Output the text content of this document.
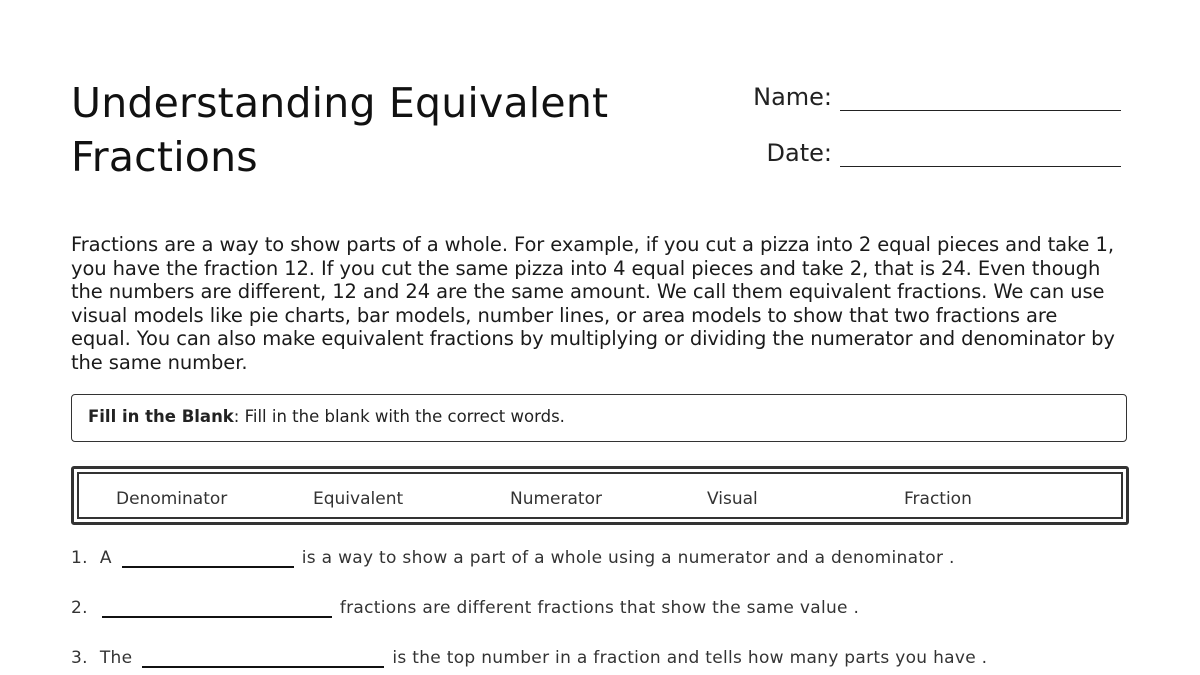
Understanding Equivalent Fractions
Name:
Date:

Fractions are a way to show parts of a whole. For example, if you cut a pizza into 2 equal pieces and take 1, you have the fraction 12. If you cut the same pizza into 4 equal pieces and take 2, that is 24. Even though the numbers are different, 12 and 24 are the same amount. We call them equivalent fractions. We can use visual models like pie charts, bar models, number lines, or area models to show that two fractions are equal. You can also make equivalent fractions by multiplying or dividing the numerator and denominator by the same number.

Fill in the Blank: Fill in the blank with the correct words.
Denominator	Equivalent	Numerator	Visual	Fraction
1. A	is a way to show a part of a whole using a numerator and a denominator .
2.	fractions are different fractions that show the same value .
3. The	is the top number in a fraction and tells how many parts you have .
